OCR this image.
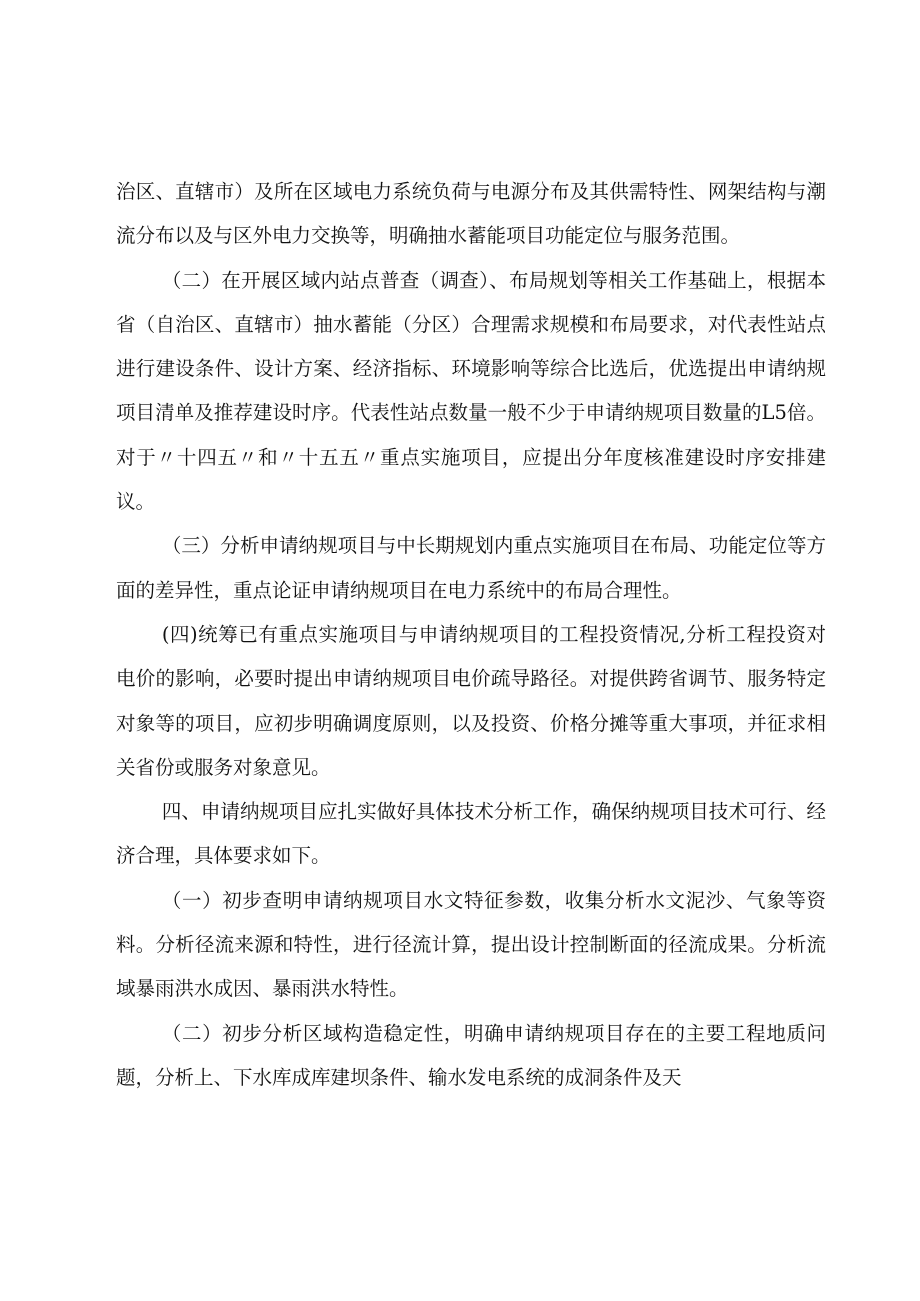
治区、直辖市）及所在区域电力系统负荷与电源分布及其供需特性、网架结构与潮流分布以及与区外电力交换等，明确抽水蓄能项目功能定位与服务范围。

（二）在开展区域内站点普查（调查）、布局规划等相关工作基础上，根据本省（自治区、直辖市）抽水蓄能（分区）合理需求规模和布局要求，对代表性站点进行建设条件、设计方案、经济指标、环境影响等综合比选后，优选提出申请纳规项目清单及推荐建设时序。代表性站点数量一般不少于申请纳规项目数量的L5倍。对于〃十四五〃和〃十五五〃重点实施项目，应提出分年度核准建设时序安排建议。

（三）分析申请纳规项目与中长期规划内重点实施项目在布局、功能定位等方面的差异性，重点论证申请纳规项目在电力系统中的布局合理性。

(四)统筹已有重点实施项目与申请纳规项目的工程投资情况,分析工程投资对电价的影响，必要时提出申请纳规项目电价疏导路径。对提供跨省调节、服务特定对象等的项目，应初步明确调度原则，以及投资、价格分摊等重大事项，并征求相关省份或服务对象意见。

四、申请纳规项目应扎实做好具体技术分析工作，确保纳规项目技术可行、经济合理，具体要求如下。

（一）初步查明申请纳规项目水文特征参数，收集分析水文泥沙、气象等资料。分析径流来源和特性，进行径流计算，提出设计控制断面的径流成果。分析流域暴雨洪水成因、暴雨洪水特性。

（二）初步分析区域构造稳定性，明确申请纳规项目存在的主要工程地质问题，分析上、下水库成库建坝条件、输水发电系统的成洞条件及天
